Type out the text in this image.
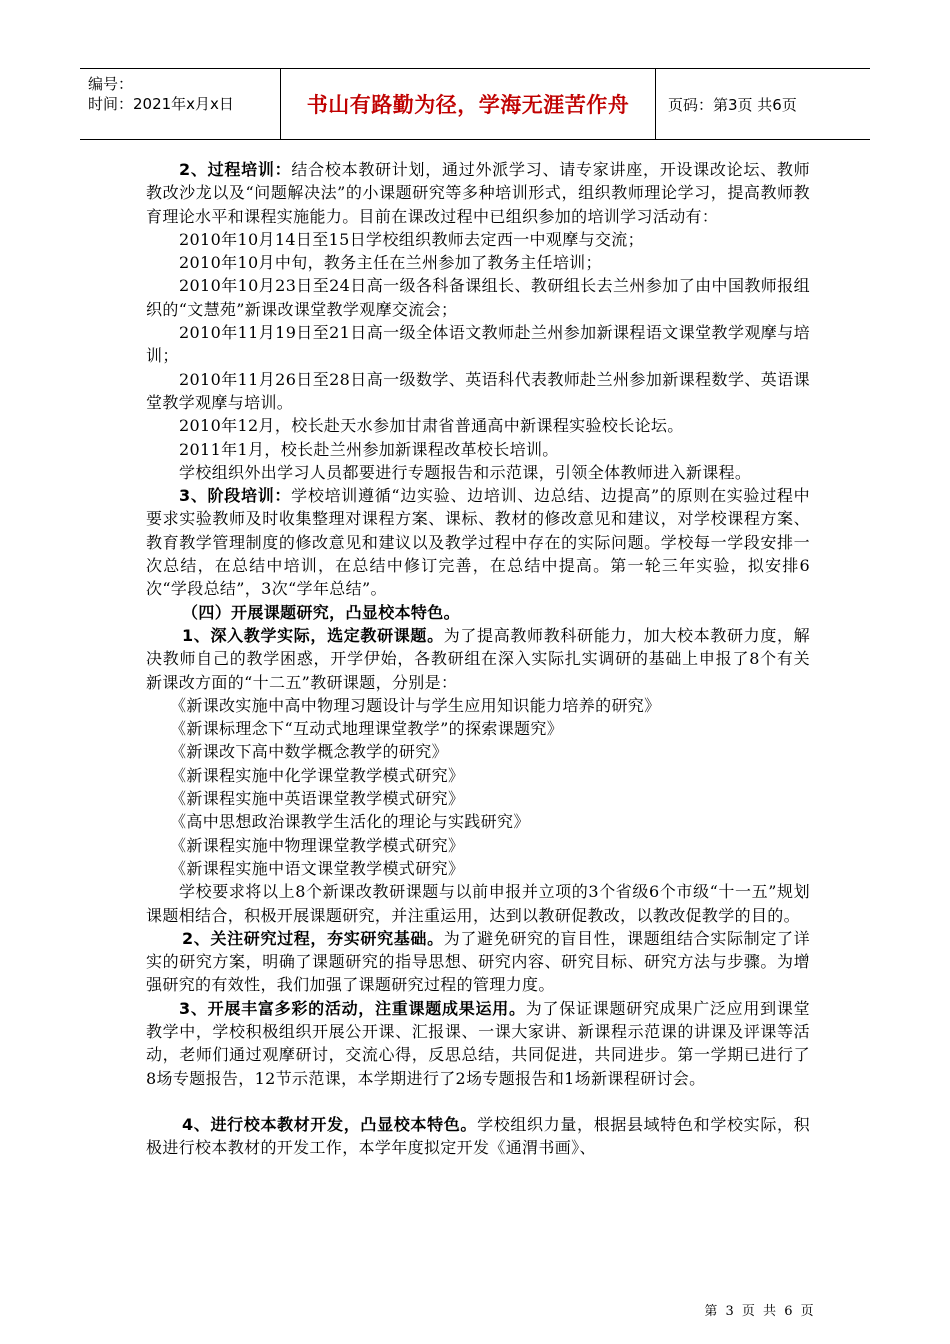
编号：
时间：2021年x月x日	书山有路勤为径，学海无涯苦作舟	页码：第3页 共6页

2、过程培训：结合校本教研计划，通过外派学习、请专家讲座，开设课改论坛、教师教改沙龙以及“问题解决法”的小课题研究等多种培训形式，组织教师理论学习，提高教师教育理论水平和课程实施能力。目前在课改过程中已组织参加的培训学习活动有：

2010年10月14日至15日学校组织教师去定西一中观摩与交流；

2010年10月中旬，教务主任在兰州参加了教务主任培训；

2010年10月23日至24日高一级各科备课组长、教研组长去兰州参加了由中国教师报组织的“文慧苑”新课改课堂教学观摩交流会；

2010年11月19日至21日高一级全体语文教师赴兰州参加新课程语文课堂教学观摩与培训；

2010年11月26日至28日高一级数学、英语科代表教师赴兰州参加新课程数学、英语课堂教学观摩与培训。

2010年12月，校长赴天水参加甘肃省普通高中新课程实验校长论坛。

2011年1月，校长赴兰州参加新课程改革校长培训。

学校组织外出学习人员都要进行专题报告和示范课，引领全体教师进入新课程。

3、阶段培训：学校培训遵循“边实验、边培训、边总结、边提高”的原则在实验过程中要求实验教师及时收集整理对课程方案、课标、教材的修改意见和建议，对学校课程方案、教育教学管理制度的修改意见和建议以及教学过程中存在的实际问题。学校每一学段安排一次总结，在总结中培训，在总结中修订完善，在总结中提高。第一轮三年实验，拟安排6次“学段总结”，3次“学年总结”。

（四）开展课题研究，凸显校本特色。

1、深入教学实际，选定教研课题。为了提高教师教科研能力，加大校本教研力度，解决教师自己的教学困惑，开学伊始，各教研组在深入实际扎实调研的基础上申报了8个有关新课改方面的“十二五”教研课题，分别是：

《新课改实施中高中物理习题设计与学生应用知识能力培养的研究》

《新课标理念下“互动式地理课堂教学”的探索课题究》

《新课改下高中数学概念教学的研究》

《新课程实施中化学课堂教学模式研究》

《新课程实施中英语课堂教学模式研究》

《高中思想政治课教学生活化的理论与实践研究》

《新课程实施中物理课堂教学模式研究》

《新课程实施中语文课堂教学模式研究》

学校要求将以上8个新课改教研课题与以前申报并立项的3个省级6个市级“十一五”规划课题相结合，积极开展课题研究，并注重运用，达到以教研促教改，以教改促教学的目的。

2、关注研究过程，夯实研究基础。为了避免研究的盲目性，课题组结合实际制定了详实的研究方案，明确了课题研究的指导思想、研究内容、研究目标、研究方法与步骤。为增强研究的有效性，我们加强了课题研究过程的管理力度。

3、开展丰富多彩的活动，注重课题成果运用。为了保证课题研究成果广泛应用到课堂教学中，学校积极组织开展公开课、汇报课、一课大家讲、新课程示范课的讲课及评课等活动，老师们通过观摩研讨，交流心得，反思总结，共同促进，共同进步。第一学期已进行了8场专题报告，12节示范课，本学期进行了2场专题报告和1场新课程研讨会。

4、进行校本教材开发，凸显校本特色。学校组织力量，根据县域特色和学校实际，积极进行校本教材的开发工作，本学年度拟定开发《通渭书画》、

第 3 页 共 6 页
